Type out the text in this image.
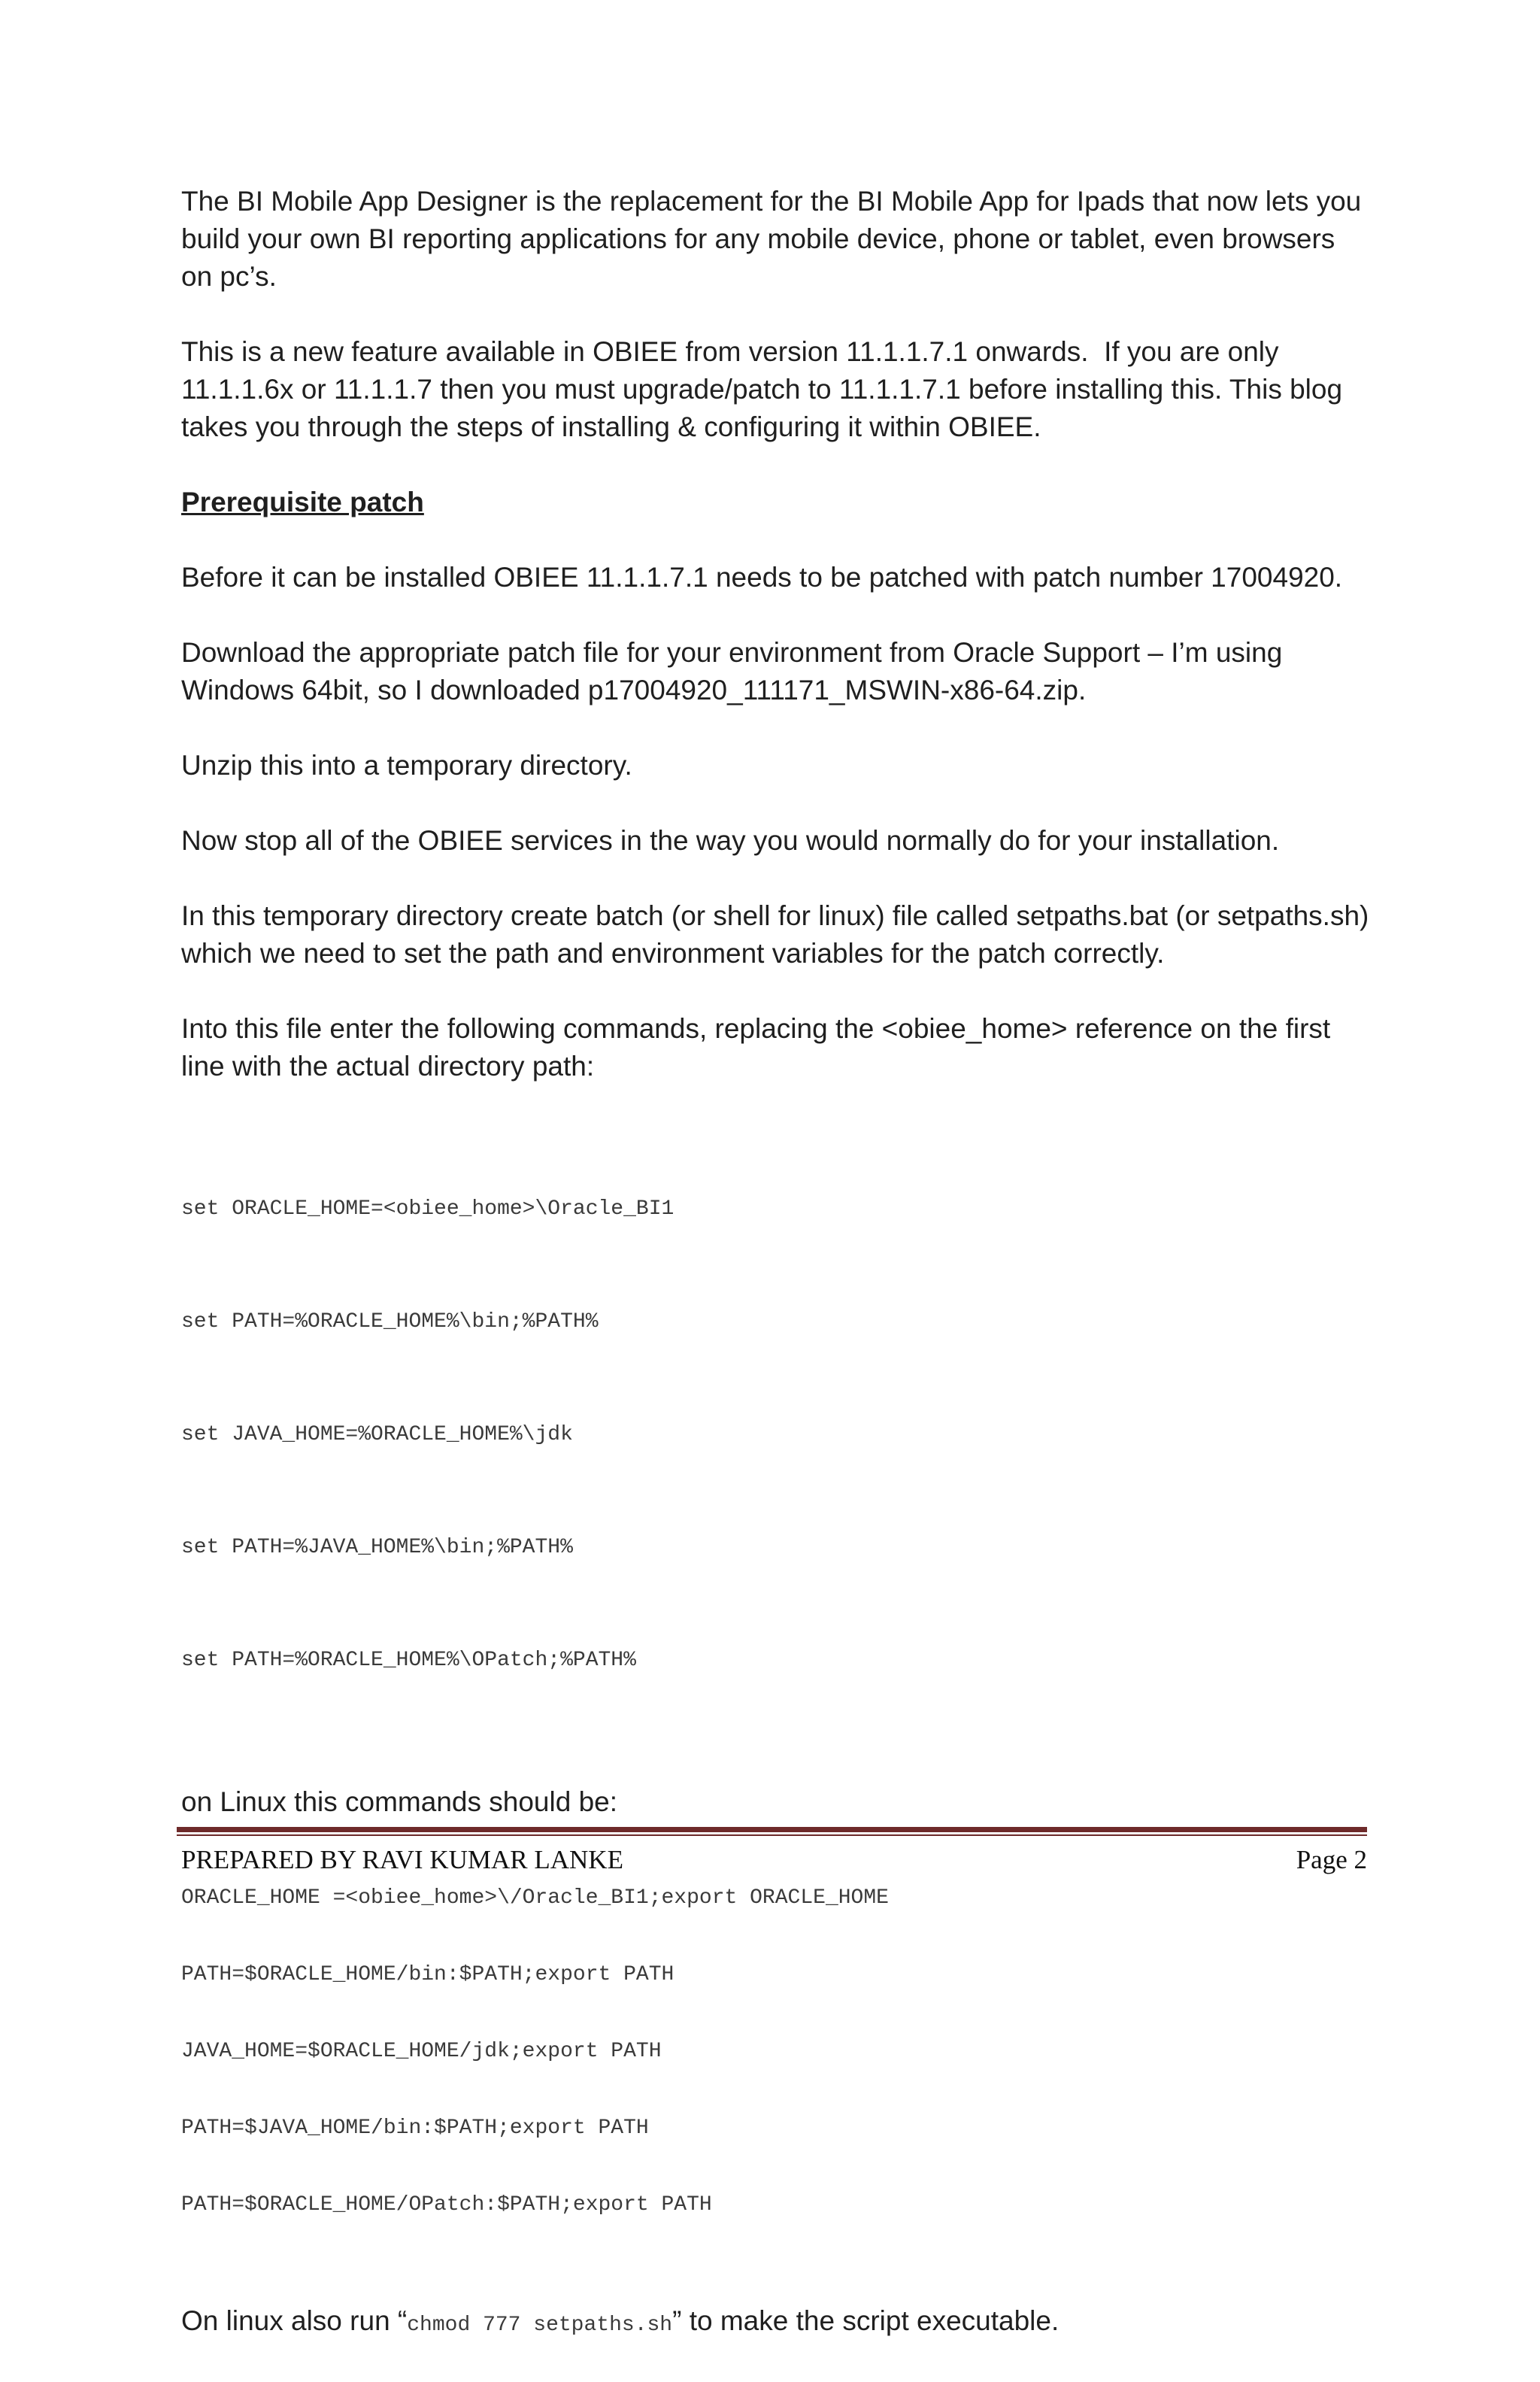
The BI Mobile App Designer is the replacement for the BI Mobile App for Ipads that now lets you build your own BI reporting applications for any mobile device, phone or tablet, even browsers on pc’s.

This is a new feature available in OBIEE from version 11.1.1.7.1 onwards.  If you are only 11.1.1.6x or 11.1.1.7 then you must upgrade/patch to 11.1.1.7.1 before installing this. This blog takes you through the steps of installing & configuring it within OBIEE.

Prerequisite patch

Before it can be installed OBIEE 11.1.1.7.1 needs to be patched with patch number 17004920.

Download the appropriate patch file for your environment from Oracle Support – I’m using Windows 64bit, so I downloaded p17004920_111171_MSWIN-x86-64.zip.

Unzip this into a temporary directory.

Now stop all of the OBIEE services in the way you would normally do for your installation.

In this temporary directory create batch (or shell for linux) file called setpaths.bat (or setpaths.sh)  which we need to set the path and environment variables for the patch correctly.

Into this file enter the following commands, replacing the <obiee_home> reference on the first line with the actual directory path:

set ORACLE_HOME=<obiee_home>\Oracle_BI1

set PATH=%ORACLE_HOME%\bin;%PATH%

set JAVA_HOME=%ORACLE_HOME%\jdk

set PATH=%JAVA_HOME%\bin;%PATH%

set PATH=%ORACLE_HOME%\OPatch;%PATH%

on Linux this commands should be:

ORACLE_HOME =<obiee_home>\/Oracle_BI1;export ORACLE_HOME

PATH=$ORACLE_HOME/bin:$PATH;export PATH

JAVA_HOME=$ORACLE_HOME/jdk;export PATH

PATH=$JAVA_HOME/bin:$PATH;export PATH

PATH=$ORACLE_HOME/OPatch:$PATH;export PATH

On linux also run “chmod 777 setpaths.sh” to make the script executable.

PREPARED BY RAVI KUMAR LANKE	Page 2
